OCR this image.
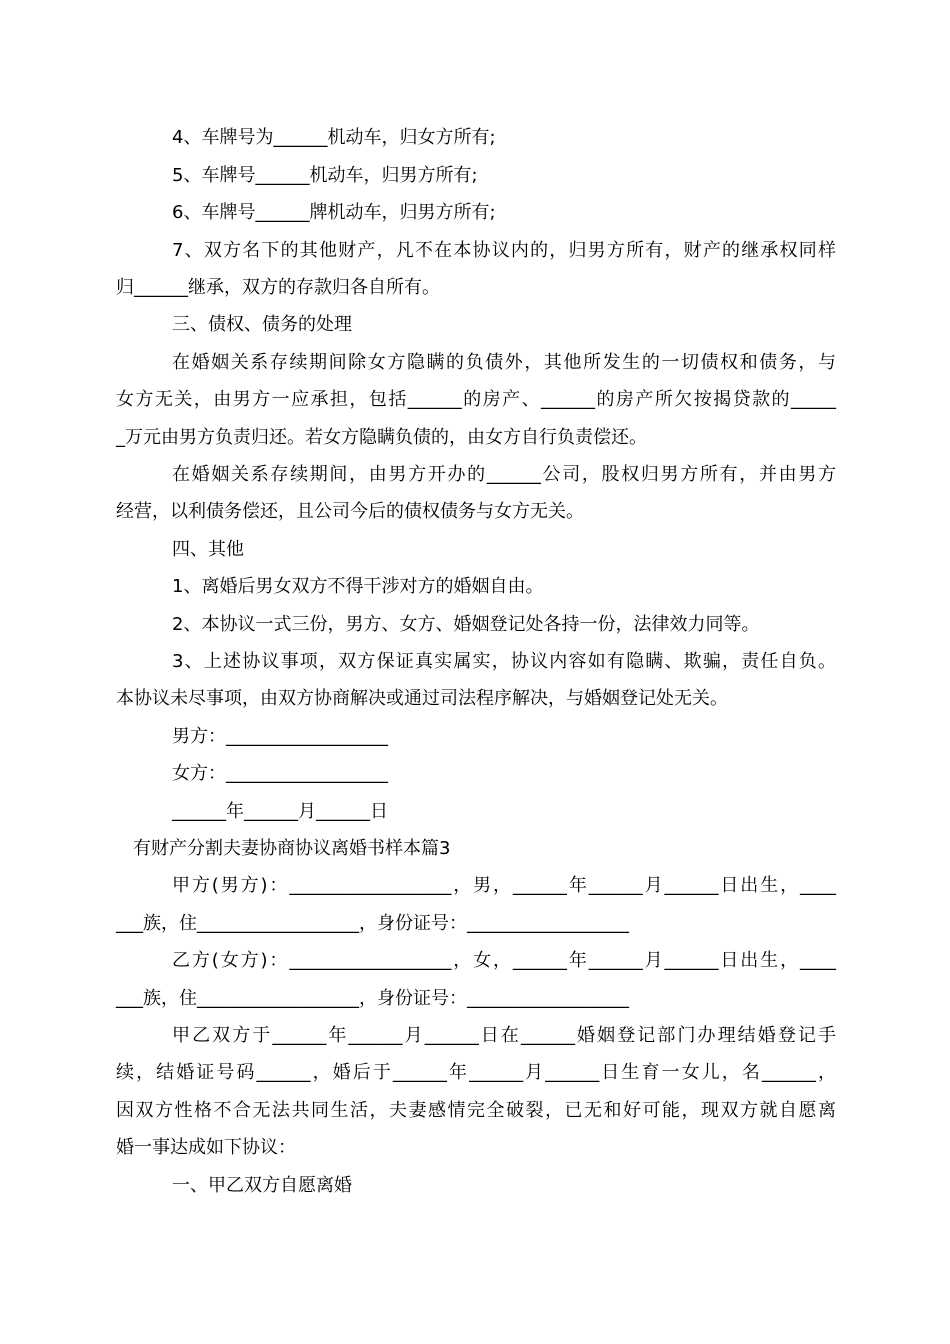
4、车牌号为______机动车，归女方所有;
5、车牌号______机动车，归男方所有;
6、车牌号______牌机动车，归男方所有;
7、双方名下的其他财产，凡不在本协议内的，归男方所有，财产的继承权同样
归______继承，双方的存款归各自所有。
三、债权、债务的处理
在婚姻关系存续期间除女方隐瞒的负债外，其他所发生的一切债权和债务，与
女方无关，由男方一应承担，包括______的房产、______的房产所欠按揭贷款的_____
_万元由男方负责归还。若女方隐瞒负债的，由女方自行负责偿还。
在婚姻关系存续期间，由男方开办的______公司，股权归男方所有，并由男方
经营，以利债务偿还，且公司今后的债权债务与女方无关。
四、其他
1、离婚后男女双方不得干涉对方的婚姻自由。
2、本协议一式三份，男方、女方、婚姻登记处各持一份，法律效力同等。
3、上述协议事项，双方保证真实属实，协议内容如有隐瞒、欺骗，责任自负。
本协议未尽事项，由双方协商解决或通过司法程序解决，与婚姻登记处无关。
男方：__________________
女方：__________________
______年______月______日
有财产分割夫妻协商协议离婚书样本篇3
甲方(男方)：__________________，男，______年______月______日出生，____
___族，住__________________，身份证号：__________________
乙方(女方)：__________________，女，______年______月______日出生，____
___族，住__________________，身份证号：__________________
甲乙双方于______年______月______日在______婚姻登记部门办理结婚登记手
续，结婚证号码______，婚后于______年______月______日生育一女儿，名______，
因双方性格不合无法共同生活，夫妻感情完全破裂，已无和好可能，现双方就自愿离
婚一事达成如下协议：
一、甲乙双方自愿离婚
